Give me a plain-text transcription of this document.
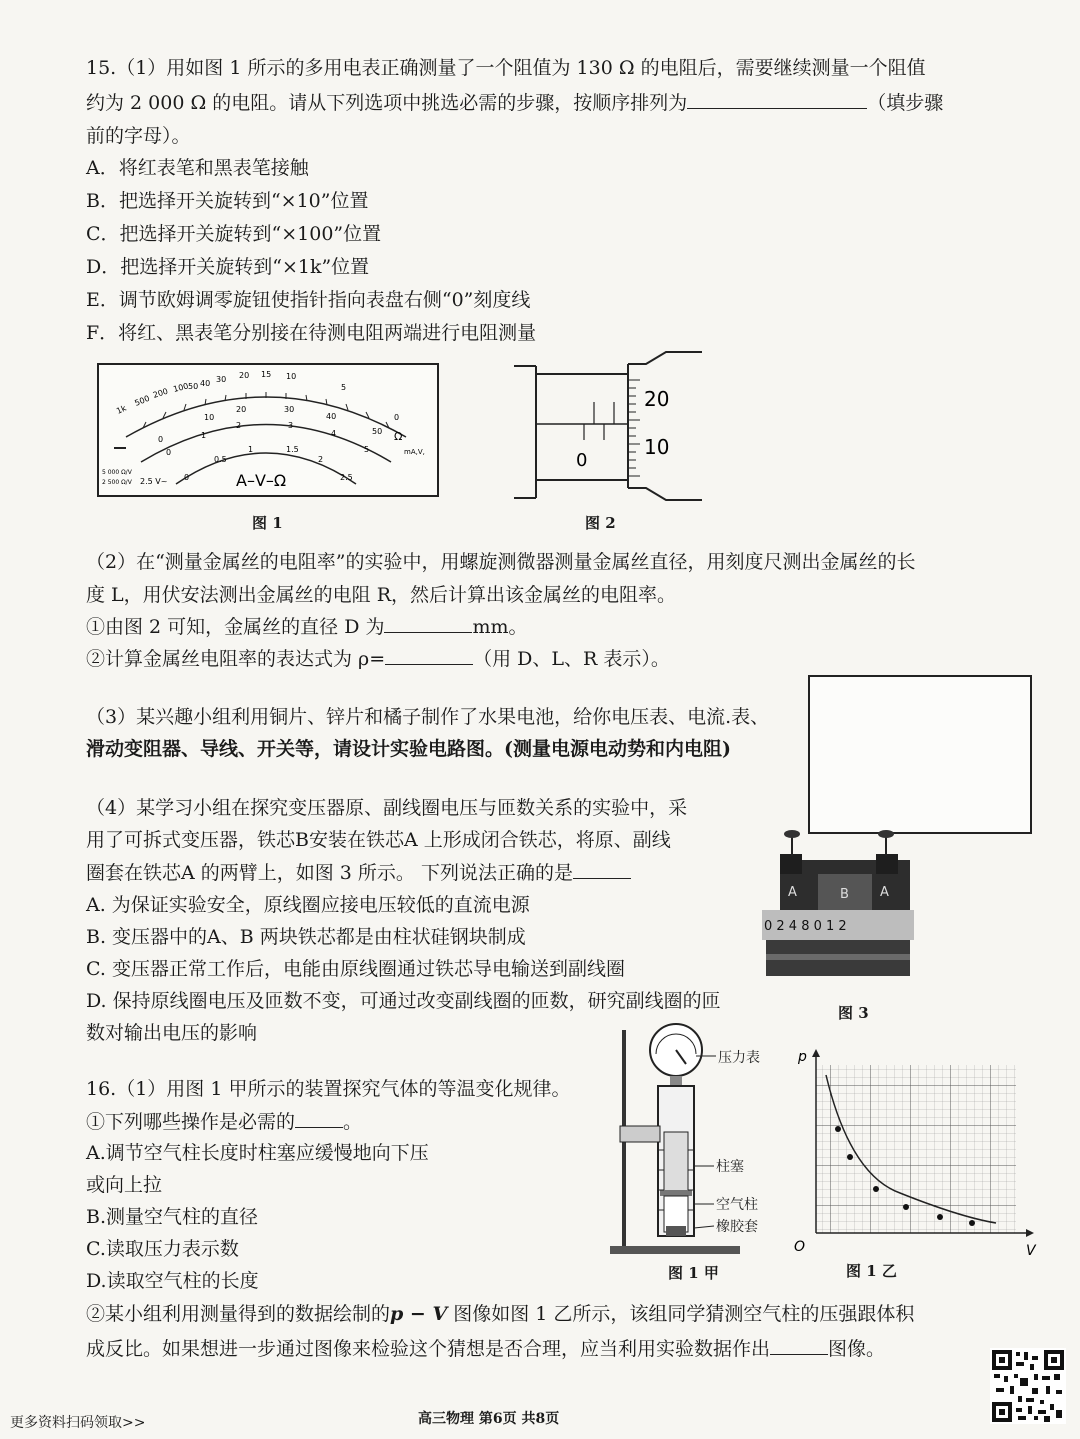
15.（1）用如图 1 所示的多用电表正确测量了一个阻值为 130 Ω 的电阻后，需要继续测量一个阻值
约为 2 000 Ω 的电阻。请从下列选项中挑选必需的步骤，按顺序排列为	（填步骤
前的字母）。
A．将红表笔和黑表笔接触
B．把选择开关旋转到“×10”位置
C．把选择开关旋转到“×100”位置
D．把选择开关旋转到“×1k”位置
E．调节欧姆调零旋钮使指针指向表盘右侧“0”刻度线
F．将红、黑表笔分别接在待测电阻两端进行电阻测量
1k
500
200 100
50 40 30 20 15 10
5
0
0
10
20	30
40
50
0
1
2	3
4
5
0
0.5
1	1.5
2
2.5
A–V–Ω
Ω
mA,V,
5 000 Ω/V
2 500 Ω/V 2.5 V~
图 1
0
20
10
图 2
（2）在“测量金属丝的电阻率”的实验中，用螺旋测微器测量金属丝直径，用刻度尺测出金属丝的长
度 L，用伏安法测出金属丝的电阻 R，然后计算出该金属丝的电阻率。
①由图 2 可知，金属丝的直径 D 为	mm。
②计算金属丝电阻率的表达式为 ρ=	（用 D、L、R 表示）。
（3）某兴趣小组利用铜片、锌片和橘子制作了水果电池，给你电压表、电流.表、
滑动变阻器、导线、开关等，请设计实验电路图。(测量电源电动势和内电阻)
（4）某学习小组在探究变压器原、副线圈电压与匝数关系的实验中，采
用了可拆式变压器，铁芯B安装在铁芯A 上形成闭合铁芯，将原、副线
圈套在铁芯A 的两臂上，如图 3 所示。 下列说法正确的是
A. 为保证实验安全，原线圈应接电压较低的直流电源
B. 变压器中的A、B 两块铁芯都是由柱状硅钢块制成
C. 变压器正常工作后，电能由原线圈通过铁芯导电输送到副线圈
D. 保持原线圈电压及匝数不变，可通过改变副线圈的匝数，研究副线圈的匝
数对输出电压的影响
A	B A
0 2 4 8 0 1 2
图 3
16.（1）用图 1 甲所示的装置探究气体的等温变化规律。
①下列哪些操作是必需的	。
A.调节空气柱长度时柱塞应缓慢地向下压
或向上拉
B.测量空气柱的直径
C.读取压力表示数
D.读取空气柱的长度
压力表
柱塞
空气柱
橡胶套
图 1 甲
p
V
O
图 1 乙
②某小组利用测量得到的数据绘制的p − V 图像如图 1 乙所示，该组同学猜测空气柱的压强跟体积
成反比。如果想进一步通过图像来检验这个猜想是否合理，应当利用实验数据作出	图像。
更多资料扫码领取>>	高三物理 第6页 共8页
